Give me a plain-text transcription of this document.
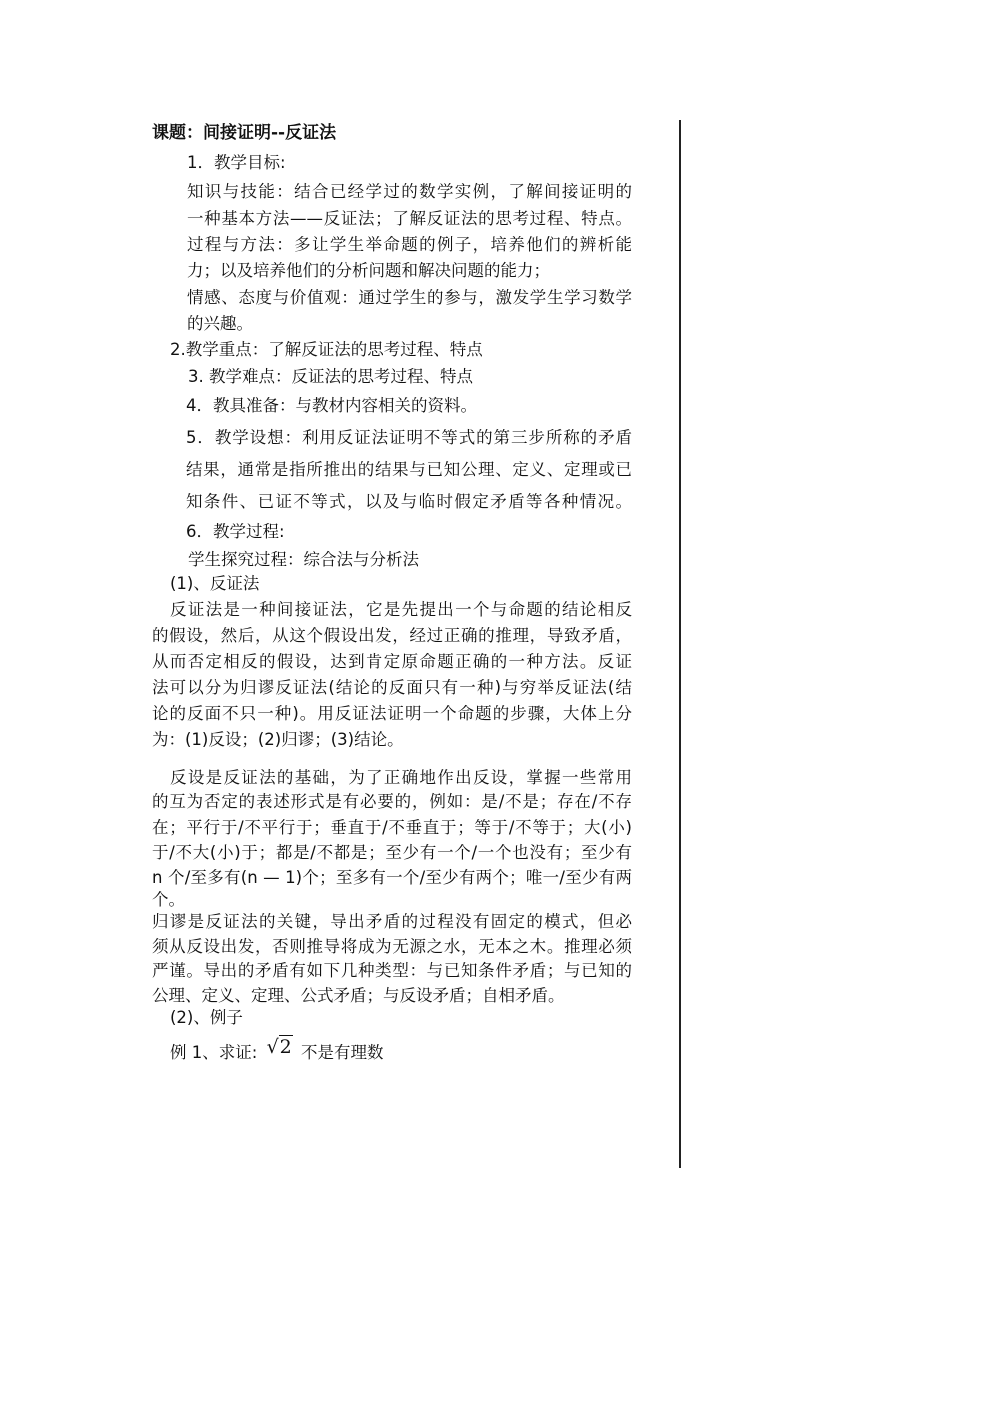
课题：间接证明--反证法
1．教学目标:
知识与技能：结合已经学过的数学实例，了解间接证明的
一种基本方法——反证法；了解反证法的思考过程、特点。
过程与方法：多让学生举命题的例子，培养他们的辨析能
力；以及培养他们的分析问题和解决问题的能力；
情感、态度与价值观：通过学生的参与，激发学生学习数学
的兴趣。
2.教学重点：了解反证法的思考过程、特点
3. 教学难点：反证法的思考过程、特点
4．教具准备：与教材内容相关的资料。
5．教学设想：利用反证法证明不等式的第三步所称的矛盾
结果，通常是指所推出的结果与已知公理、定义、定理或已
知条件、已证不等式，以及与临时假定矛盾等各种情况。
6．教学过程:
学生探究过程：综合法与分析法
(1)、反证法
反证法是一种间接证法，它是先提出一个与命题的结论相反
的假设，然后，从这个假设出发，经过正确的推理，导致矛盾，
从而否定相反的假设，达到肯定原命题正确的一种方法。反证
法可以分为归谬反证法(结论的反面只有一种)与穷举反证法(结
论的反面不只一种)。用反证法证明一个命题的步骤，大体上分
为：(1)反设；(2)归谬；(3)结论。
反设是反证法的基础，为了正确地作出反设，掌握一些常用
的互为否定的表述形式是有必要的，例如：是/不是；存在/不存
在；平行于/不平行于；垂直于/不垂直于；等于/不等于；大(小)
于/不大(小)于；都是/不都是；至少有一个/一个也没有；至少有
n 个/至多有(n — 1)个；至多有一个/至少有两个；唯一/至少有两
个。
归谬是反证法的关键，导出矛盾的过程没有固定的模式，但必
须从反设出发，否则推导将成为无源之水，无本之木。推理必须
严谨。导出的矛盾有如下几种类型：与已知条件矛盾；与已知的
公理、定义、定理、公式矛盾；与反设矛盾；自相矛盾。
(2)、例子
例 1、求证: √2 不是有理数
